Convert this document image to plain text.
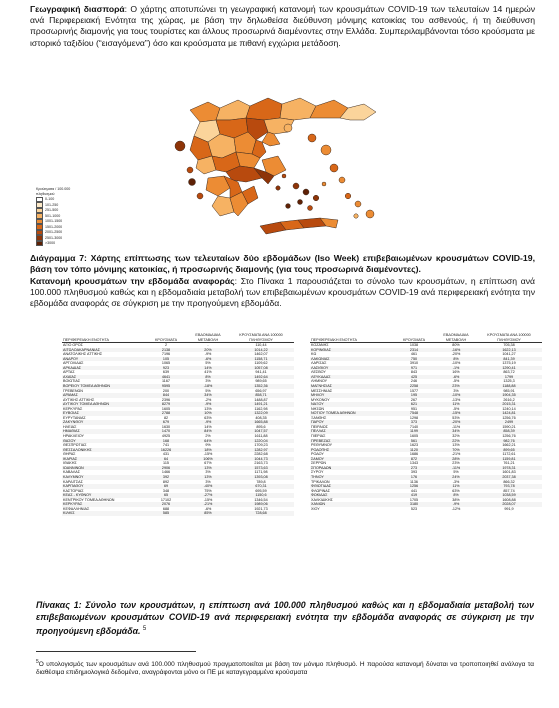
Γεωγραφική διασπορά: Ο χάρτης αποτυπώνει τη γεωγραφική κατανομή των κρουσμάτων COVID-19 των τελευταίων 14 ημερών ανά Περιφερειακή Ενότητα της χώρας, με βάση την δηλωθείσα διεύθυνση μόνιμης κατοικίας του ασθενούς, ή τη διεύθυνση προσωρινής διαμονής για τους τουρίστες και άλλους προσωρινά διαμένοντες στην Ελλάδα. Συμπεριλαμβάνονται τόσο κρούσματα με ιστορικό ταξιδίου (“εισαγόμενα”) όσο και κρούσματα με πιθανή εγχώρια μετάδοση.
Κρούσματα / 100.000 πληθυσμού
0-100
101-250
251-500
501-1000
1001-1500
1501-2000
2001-2500
2501-3000
>3000
Διάγραμμα 7: Χάρτης επίπτωσης των τελευταίων δύο εβδομάδων (Iso Week) επιβεβαιωμένων κρουσμάτων COVID-19, βάση τον τόπο μόνιμης κατοικίας, ή προσωρινής διαμονής (για τους προσωρινά διαμένοντες).
Κατανομή κρουσμάτων την εβδομάδα αναφοράς: Στο Πίνακα 1 παρουσιάζεται το σύνολο των κρουσμάτων, η επίπτωση ανά 100.000 πληθυσμού καθώς και η εβδομαδιαία μεταβολή των επιβεβαιωμένων κρουσμάτων COVID-19 ανά περιφερειακή ενότητα την εβδομάδα αναφοράς σε σύγκριση με την προηγούμενη εβδομάδα.
ΠΕΡΙΦΕΡΕΙΑΚΗ ΕΝΟΤΗΤΑ	ΚΡΟΥΣΜΑΤΑ	ΕΒΔΟΜΑΔΙΑΙΑ ΜΕΤΑΒΟΛΗ	ΚΡΟΥΣΜΑΤΑ ΑΝΑ 100000 ΠΛΗΘΥΣΜΟΥ
ΑΓΙΟ ΟΡΟΣ	2	-	110,44
ΑΙΤΩΛΟΑΚΑΡΝΑΝΙΑΣ	2138	20%	1014,22
ΑΝΑΤΟΛΙΚΗΣ ΑΤΤΙΚΗΣ	7196	-9%	1462,07
ΑΝΔΡΟΥ	105	-6%	1158,71
ΑΡΓΟΛΙΔΑΣ	1065	5%	1109,62
ΑΡΚΑΔΙΑΣ	923	14%	1057,08
ΑΡΤΑΣ	639	41%	941,41
ΑΧΑΪΑΣ	4641	8%	1492,64
ΒΟΙΩΤΙΑΣ	1167	3%	989,65
ΒΟΡΕΙΟΥ ΤΟΜΕΑ ΑΘΗΝΩΝ	9595	-18%	1352,36
ΓΡΕΒΕΝΩΝ	200	5%	656,97
ΔΡΑΜΑΣ	844	34%	858,71
ΔΥΤΙΚΗΣ ΑΤΤΙΚΗΣ	2396	-2%	1488,87
ΔΥΤΙΚΟΥ ΤΟΜΕΑ ΑΘΗΝΩΝ	8279	-9%	1491,21
ΚΕΡΚΥΡΑΣ	1605	13%	1162,98
ΕΥΒΟΙΑΣ	2788	10%	1322,09
ΕΥΡΥΤΑΝΙΑΣ	82	63%	408,35
ΖΑΚΥΝΘΟΥ	679	-9%	1665,88
ΗΛΕΙΑΣ	1630	14%	895,6
ΗΜΑΘΙΑΣ	1470	84%	1047,57
ΗΡΑΚΛΕΙΟΥ	4925	2%	1611,88
ΘΑΣΟΥ	168	64%	1220,04
ΘΕΣΠΡΩΤΙΑΣ	741	9%	1709,23
ΘΕΣΣΑΛΟΝΙΚΗΣ	16226	18%	1282,97
ΘΗΡΑΣ	431	-15%	2282,68
ΙΚΑΡΙΑΣ	64	106%	1044,73
ΙΘΑΚΗΣ	115	67%	2163,73
ΙΩΑΝΝΙΝΩΝ	2906	13%	1573,63
ΚΑΒΑΛΑΣ	1466	3%	1171,98
ΚΑΛΥΜΝΟΥ	392	13%	1393,08
ΚΑΡΔΙΤΣΑΣ	892	3%	789,8
ΚΑΡΠΑΘΟΥ	69	-40%	670,31
ΚΑΣΤΟΡΙΑΣ	348	75%	695,59
ΚΕΑΣ - ΚΥΘΝΟΥ	65	-27%	1150,6
ΚΕΝΤΡΙΚΟΥ ΤΟΜΕΑ ΑΘΗΝΩΝ	17102	-15%	1346,54
ΚΕΡΚΥΡΑΣ	2076	-21%	1989,06
ΚΕΦΑΛΛΗΝΙΑΣ	688	-6%	1921,73
ΚΙΛΚΙΣ	585	85%	728,68
ΠΕΡΙΦΕΡΕΙΑΚΗ ΕΝΟΤΗΤΑ	ΚΡΟΥΣΜΑΤΑ	ΕΒΔΟΜΑΔΙΑΙΑ ΜΕΤΑΒΟΛΗ	ΚΡΟΥΣΜΑΤΑ ΑΝΑ 100000 ΠΛΗΘΥΣΜΟΥ
ΚΟΖΑΝΗΣ	1038	80%	705,38
ΚΟΡΙΝΘΙΑΣ	2314	-16%	1622,13
ΚΩ	461	-20%	1041,27
ΛΑΚΩΝΙΑΣ	750	8%	841,39
ΛΑΡΙΣΑΣ	3910	-10%	1375,19
ΛΑΣΙΘΙΟΥ	971	-1%	1290,41
ΛΕΣΒΟΥ	843	16%	863,72
ΛΕΥΚΑΔΑΣ	425	-6%	1799
ΛΗΜΝΟΥ	246	-5%	1325,3
ΜΑΓΝΗΣΙΑΣ	2258	23%	1188,88
ΜΕΣΣΗΝΙΑΣ	1577	3%	985,91
ΜΗΛΟΥ	195	-10%	1904,35
ΜΥΚΟΝΟΥ	267	-13%	2616,2
ΝΑΞΟΥ	621	11%	2015,31
ΝΗΣΩΝ	951	-5%	1240,14
ΝΟΤΙΟΥ ΤΟΜΕΑ ΑΘΗΝΩΝ	7548	-15%	1424,81
ΞΑΝΘΗΣ	1298	53%	1256,76
ΠΑΡΟΥ	373	-20%	2499
ΠΕΙΡΑΙΩΣ	7140	-11%	1590,21
ΠΕΛΛΑΣ	1199	34%	858,39
ΠΙΕΡΙΑΣ	1605	32%	1256,76
ΠΡΕΒΕΖΑΣ	561	22%	982,76
ΡΕΘΥΜΝΟΥ	1623	13%	1662,21
ΡΟΔΟΠΗΣ	1120	70%	899,65
ΡΟΔΟΥ	1686	-21%	1172,61
ΣΑΜΟΥ	872	28%	1159,81
ΣΕΡΡΩΝ	1343	23%	761,21
ΣΠΟΡΑΔΩΝ	273	-11%	1978,31
ΣΥΡΟΥ	393	5%	1601,83
ΤΗΝΟΥ	176	24%	2037,38
ΤΡΙΚΑΛΩΝ	1136	-3%	866,32
ΦΘΙΩΤΙΔΑΣ	1256	11%	793,78
ΦΛΩΡΙΝΑΣ	441	63%	857,74
ΦΩΚΙΔΑΣ	419	8%	1038,59
ΧΑΛΚΙΔΙΚΗΣ	1705	38%	1608,88
ΧΑΝΙΩΝ	3180	-9%	2028,07
ΧΙΟΥ	523	-12%	991,9
Πίνακας 1: Σύνολο των κρουσμάτων, η επίπτωση ανά 100.000 πληθυσμού καθώς και η εβδομαδιαία μεταβολή των επιβεβαιωμένων κρουσμάτων COVID-19 ανά περιφερειακή ενότητα την εβδομάδα αναφοράς σε σύγκριση με την προηγούμενη εβδομάδα. $^5$
$^5$Ο υπολογισμός των κρουσμάτων ανά 100.000 πληθυσμού πραγματοποιείται με βάση τον μόνιμο πληθυσμό. Η παρούσα κατανομή δύναται να τροποποιηθεί ανάλογα τα διαθέσιμα επιδημιολογικά δεδομένα, αναγράφονται μόνο οι ΠΕ με καταγεγραμμένα κρούσματα
